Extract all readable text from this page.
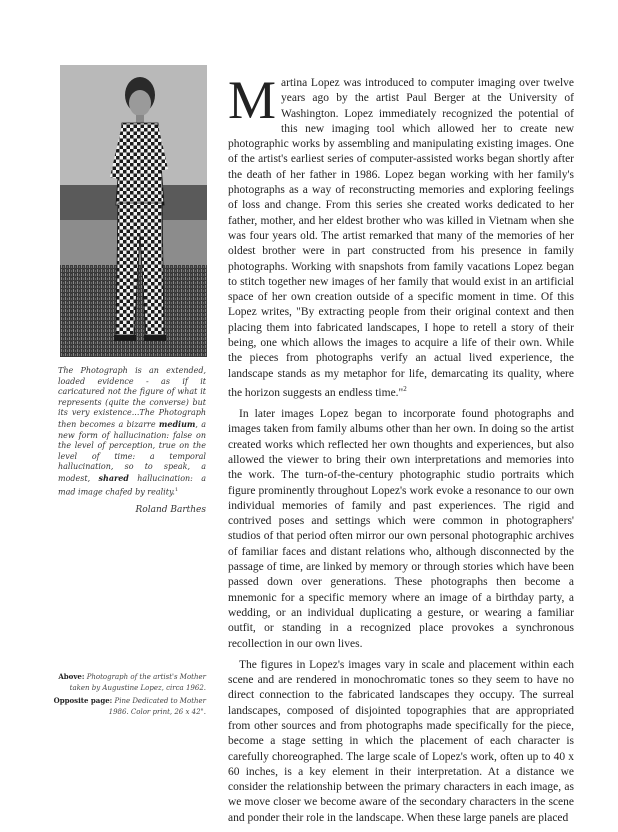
The Photograph is an extended, loaded evidence - as if it caricatured not the figure of what it represents (quite the converse) but its very existence...The Photograph then becomes a bizarre medium, a new form of hallucination: false on the level of perception, true on the level of time: a temporal hallucination, so to speak, a modest, shared hallucination: a mad image chafed by reality.$^1$

Roland Barthes

Above: Photograph of the artist's Mother taken by Augustine Lopez, circa 1962.

Opposite page: Pine Dedicated to Mother 1986. Color print, 26 x 42".

Martina Lopez was introduced to computer imaging over twelve years ago by the artist Paul Berger at the University of Washington. Lopez immediately recognized the potential of this new imaging tool which allowed her to create new photographic works by assembling and manipulating existing images. One of the artist's earliest series of computer-assisted works began shortly after the death of her father in 1986. Lopez began working with her family's photographs as a way of reconstructing memories and exploring feelings of loss and change. From this series she created works dedicated to her father, mother, and her eldest brother who was killed in Vietnam when she was four years old. The artist remarked that many of the memories of her oldest brother were in part constructed from his presence in family photographs. Working with snapshots from family vacations Lopez began to stitch together new images of her family that would exist in an artificial space of her own creation outside of a specific moment in time. Of this Lopez writes, "By extracting people from their original context and then placing them into fabricated landscapes, I hope to retell a story of their being, one which allows the images to acquire a life of their own. While the pieces from photographs verify an actual lived experience, the landscape stands as my metaphor for life, demarcating its quality, where the horizon suggests an endless time."$^2$

In later images Lopez began to incorporate found photographs and images taken from family albums other than her own. In doing so the artist created works which reflected her own thoughts and experiences, but also allowed the viewer to bring their own interpretations and memories into the work. The turn-of-the-century photographic studio portraits which figure prominently throughout Lopez's work evoke a resonance to our own individual memories of family and past experiences. The rigid and contrived poses and settings which were common in photographers' studios of that period often mirror our own personal photographic archives of familiar faces and distant relations who, although disconnected by the passage of time, are linked by memory or through stories which have been passed down over generations. These photographs then become a mnemonic for a specific memory where an image of a birthday party, a wedding, or an individual duplicating a gesture, or wearing a familiar outfit, or standing in a recognized place provokes a synchronous recollection in our own lives.

The figures in Lopez's images vary in scale and placement within each scene and are rendered in monochromatic tones so they seem to have no direct connection to the fabricated landscapes they occupy. The surreal landscapes, composed of disjointed topographies that are appropriated from other sources and from photographs made specifically for the piece, become a stage setting in which the placement of each character is carefully choreographed. The large scale of Lopez's work, often up to 40 x 60 inches, is a key element in their interpretation. At a distance we consider the relationship between the primary characters in each image, as we move closer we become aware of the secondary characters in the scene and ponder their role in the landscape. When these large panels are placed
